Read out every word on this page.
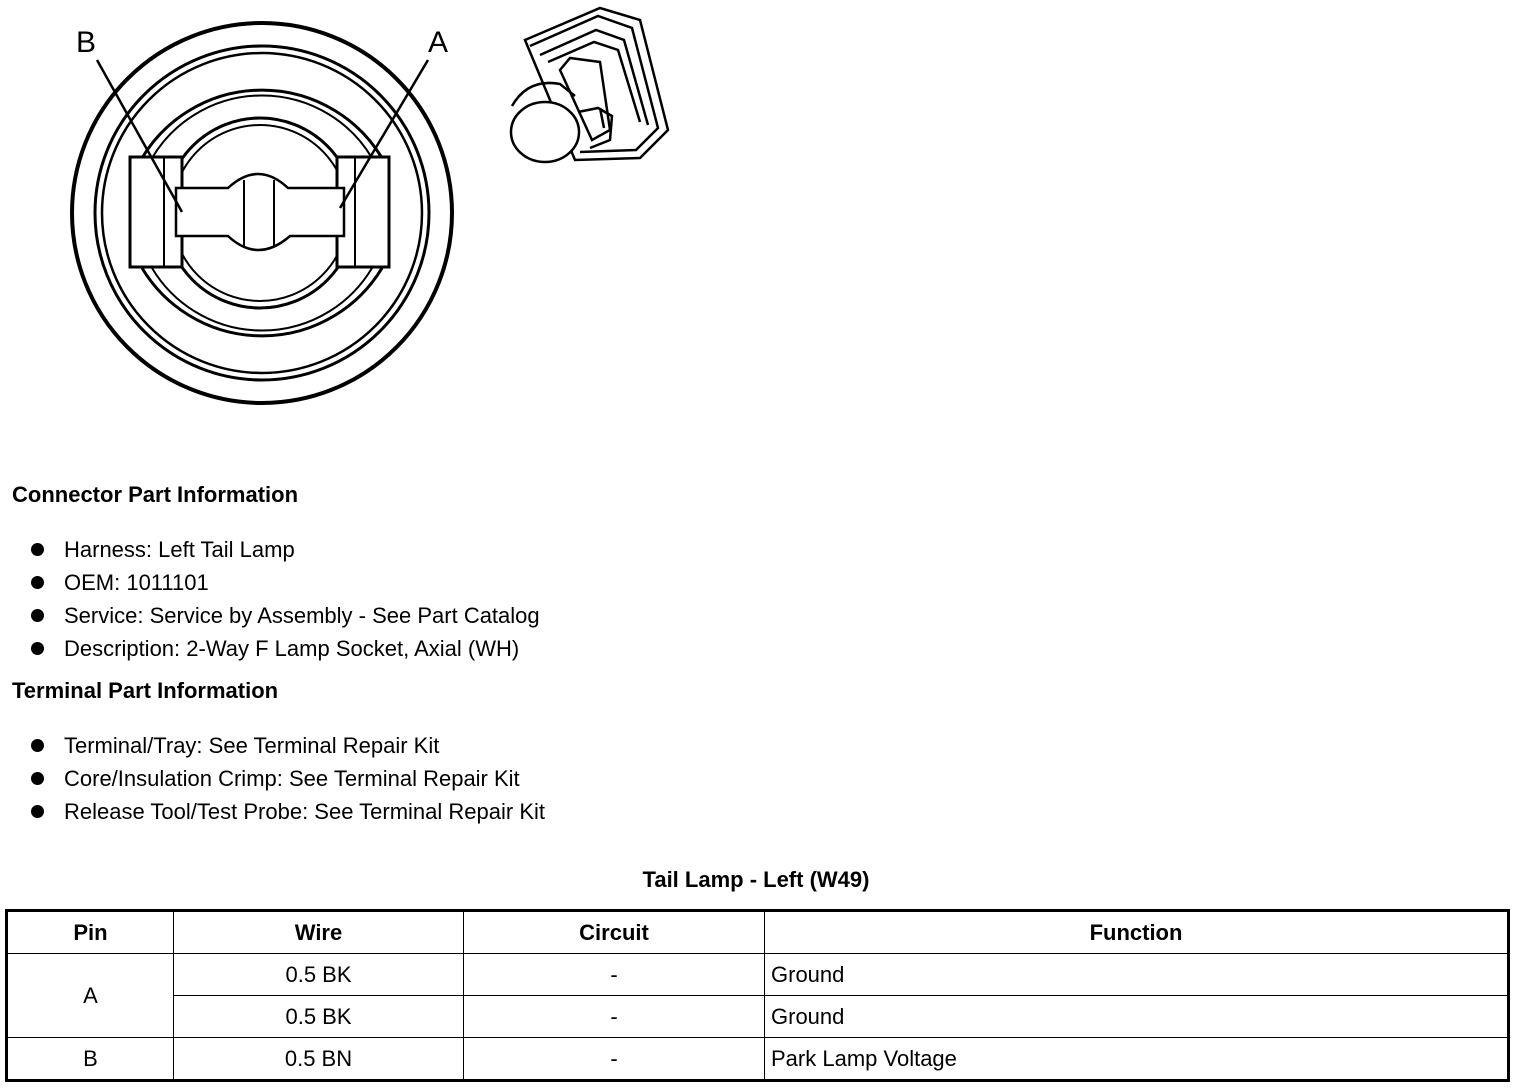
B	A
Connector Part Information
Harness: Left Tail Lamp
OEM: 1011101
Service: Service by Assembly - See Part Catalog
Description: 2-Way F Lamp Socket, Axial (WH)
Terminal Part Information
Terminal/Tray: See Terminal Repair Kit
Core/Insulation Crimp: See Terminal Repair Kit
Release Tool/Test Probe: See Terminal Repair Kit
Tail Lamp - Left (W49)
Pin	Wire	Circuit	Function
A	0.5 BK	-	Ground
	0.5 BK	-	Ground
B	0.5 BN	-	Park Lamp Voltage
